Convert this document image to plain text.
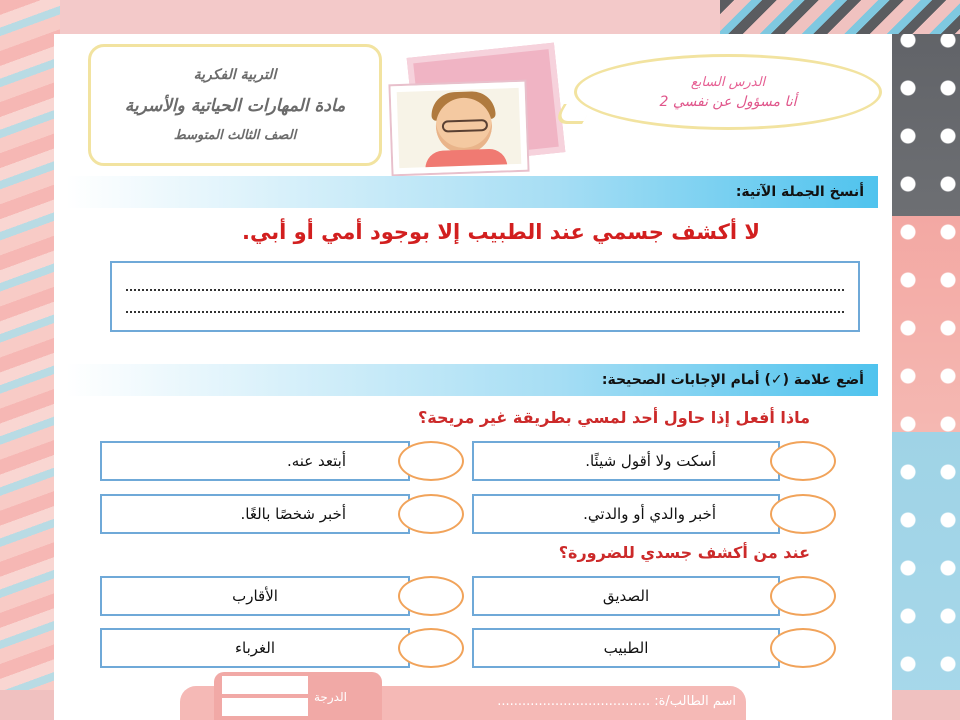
التربية الفكرية
مادة المهارات الحياتية والأسرية
الصف الثالث المتوسط
الدرس السابع
أنا مسؤول عن نفسي 2
أنسخ الجملة الآتية:
لا أكشف جسمي عند الطبيب إلا بوجود أمي أو أبي.
أضع علامة (✓) أمام الإجابات الصحيحة:
ماذا أفعل إذا حاول أحد لمسي بطريقة غير مريحة؟
أسكت ولا أقول شيئًا.
أبتعد عنه.
أخبر والدي أو والدتي.
أخبر شخصًا بالغًا.
عند من أكشف جسدي للضرورة؟
الصديق
الأقارب
الطبيب
الغرباء
الدرجة	اسم الطالب/ة: .....................................
